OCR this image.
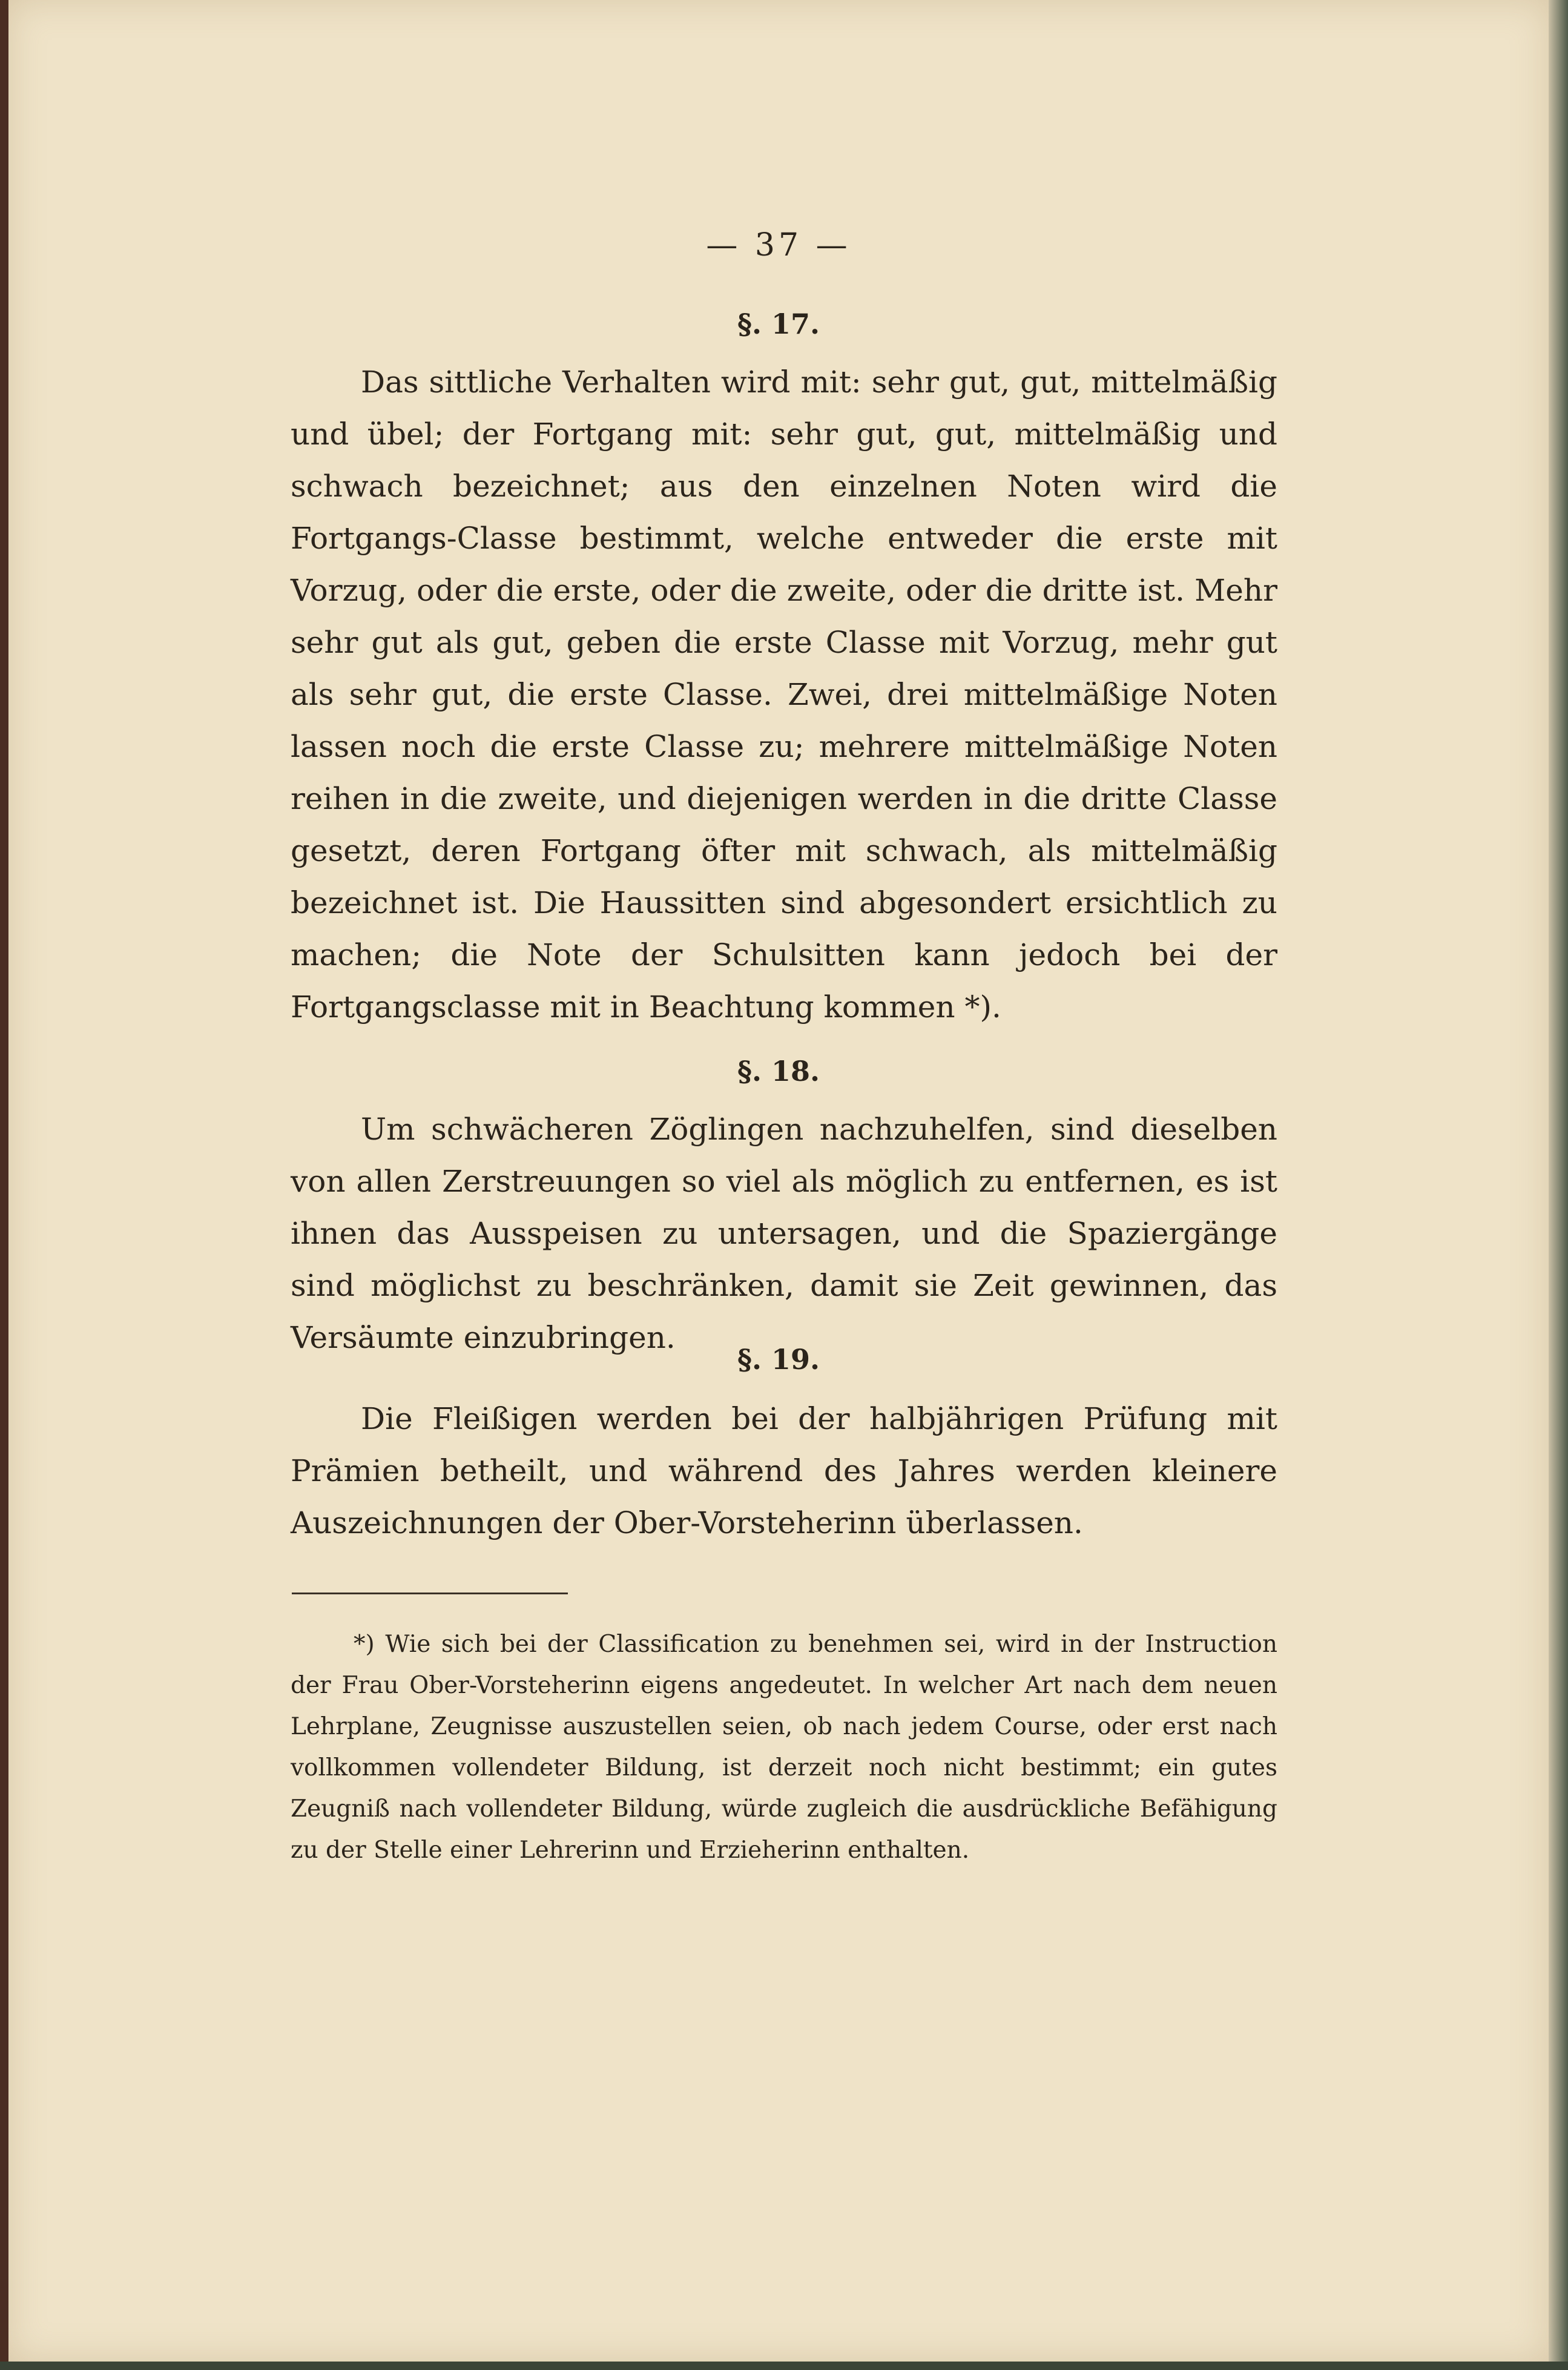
— 37 —
§. 17.

Das sittliche Verhalten wird mit: sehr gut, gut, mittelmäßig und übel; der Fortgang mit: sehr gut, gut, mittelmäßig und schwach bezeichnet; aus den einzelnen Noten wird die Fortgangs-Classe bestimmt, welche entweder die erste mit Vorzug, oder die erste, oder die zweite, oder die dritte ist. Mehr sehr gut als gut, geben die erste Classe mit Vorzug, mehr gut als sehr gut, die erste Classe. Zwei, drei mittelmäßige Noten lassen noch die erste Classe zu; mehrere mittelmäßige Noten reihen in die zweite, und diejenigen werden in die dritte Classe gesetzt, deren Fortgang öfter mit schwach, als mittelmäßig bezeichnet ist. Die Haussitten sind abgesondert ersichtlich zu machen; die Note der Schulsitten kann jedoch bei der Fortgangsclasse mit in Beachtung kommen *).

§. 18.

Um schwächeren Zöglingen nachzuhelfen, sind dieselben von allen Zerstreuungen so viel als möglich zu entfernen, es ist ihnen das Ausspeisen zu untersagen, und die Spaziergänge sind möglichst zu beschränken, damit sie Zeit gewinnen, das Versäumte einzubringen.

§. 19.

Die Fleißigen werden bei der halbjährigen Prüfung mit Prämien betheilt, und während des Jahres werden kleinere Auszeichnungen der Ober-Vorsteherinn überlassen.

*) Wie sich bei der Classification zu benehmen sei, wird in der Instruction der Frau Ober-Vorsteherinn eigens angedeutet. In welcher Art nach dem neuen Lehrplane, Zeugnisse auszustellen seien, ob nach jedem Course, oder erst nach vollkommen vollendeter Bildung, ist derzeit noch nicht bestimmt; ein gutes Zeugniß nach vollendeter Bildung, würde zugleich die ausdrückliche Befähigung zu der Stelle einer Lehrerinn und Erzieherinn enthalten.
